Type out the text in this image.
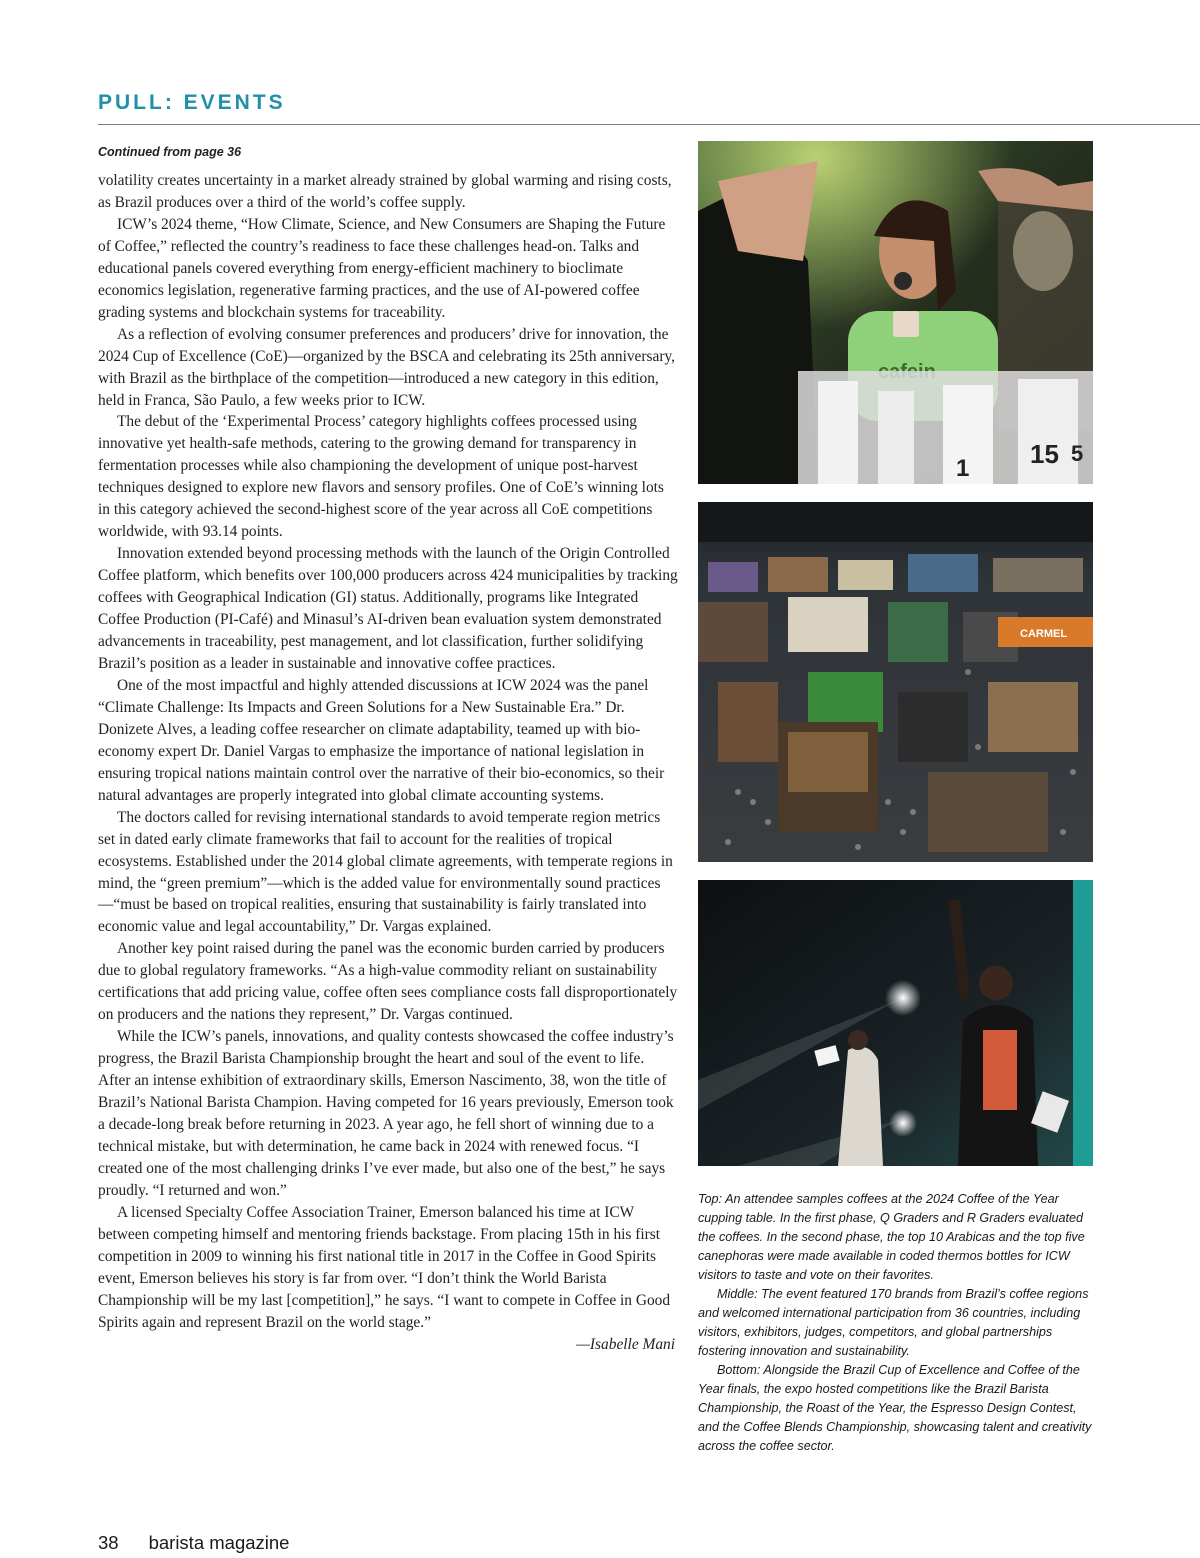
PULL: EVENTS
Continued from page 36

volatility creates uncertainty in a market already strained by global warming and rising costs, as Brazil produces over a third of the world’s coffee supply.

ICW’s 2024 theme, “How Climate, Science, and New Consumers are Shaping the Future of Coffee,” reflected the country’s readiness to face these challenges head-on. Talks and educational panels covered everything from energy-efficient machinery to bioclimate economics legislation, regenerative farming practices, and the use of AI-powered coffee grading systems and blockchain systems for traceability.

As a reflection of evolving consumer preferences and producers’ drive for innovation, the 2024 Cup of Excellence (CoE)—organized by the BSCA and celebrating its 25th anniversary, with Brazil as the birthplace of the competition—introduced a new category in this edition, held in Franca, São Paulo, a few weeks prior to ICW.

The debut of the ‘Experimental Process’ category highlights coffees processed using innovative yet health-safe methods, catering to the growing demand for transparency in fermentation processes while also championing the development of unique post-harvest techniques designed to explore new flavors and sensory profiles. One of CoE’s winning lots in this category achieved the second-highest score of the year across all CoE competitions worldwide, with 93.14 points.

Innovation extended beyond processing methods with the launch of the Origin Controlled Coffee platform, which benefits over 100,000 producers across 424 municipalities by tracking coffees with Geographical Indication (GI) status. Additionally, programs like Integrated Coffee Production (PI-Café) and Minasul’s AI-driven bean evaluation system demonstrated advancements in traceability, pest management, and lot classification, further solidifying Brazil’s position as a leader in sustainable and innovative coffee practices.

One of the most impactful and highly attended discussions at ICW 2024 was the panel “Climate Challenge: Its Impacts and Green Solutions for a New Sustainable Era.” Dr. Donizete Alves, a leading coffee researcher on climate adaptability, teamed up with bio-economy expert Dr. Daniel Vargas to emphasize the importance of national legislation in ensuring tropical nations maintain control over the narrative of their bio-economics, so their natural advantages are properly integrated into global climate accounting systems.

The doctors called for revising international standards to avoid temperate region metrics set in dated early climate frameworks that fail to account for the realities of tropical ecosystems. Established under the 2014 global climate agreements, with temperate regions in mind, the “green premium”—which is the added value for environmentally sound practices—“must be based on tropical realities, ensuring that sustainability is fairly translated into economic value and legal accountability,” Dr. Vargas explained.

Another key point raised during the panel was the economic burden carried by producers due to global regulatory frameworks. “As a high-value commodity reliant on sustainability certifications that add pricing value, coffee often sees compliance costs fall disproportionately on producers and the nations they represent,” Dr. Vargas continued.

While the ICW’s panels, innovations, and quality contests showcased the coffee industry’s progress, the Brazil Barista Championship brought the heart and soul of the event to life. After an intense exhibition of extraordinary skills, Emerson Nascimento, 38, won the title of Brazil’s National Barista Champion. Having competed for 16 years previously, Emerson took a decade-long break before returning in 2023. A year ago, he fell short of winning due to a technical mistake, but with determination, he came back in 2024 with renewed focus. “I created one of the most challenging drinks I’ve ever made, but also one of the best,” he says proudly. “I returned and won.”

A licensed Specialty Coffee Association Trainer, Emerson balanced his time at ICW between competing himself and mentoring friends backstage. From placing 15th in his first competition in 2009 to winning his first national title in 2017 in the Coffee in Good Spirits event, Emerson believes his story is far from over. “I don’t think the World Barista Championship will be my last [competition],” he says. “I want to compete in Coffee in Good Spirits again and represent Brazil on the world stage.”

—Isabelle Mani

1 15 5
CARMEL

Top: An attendee samples coffees at the 2024 Coffee of the Year cupping table. In the first phase, Q Graders and R Graders evaluated the coffees. In the second phase, the top 10 Arabicas and the top five canephoras were made available in coded thermos bottles for ICW visitors to taste and vote on their favorites.

Middle: The event featured 170 brands from Brazil’s coffee regions and welcomed international participation from 36 countries, including visitors, exhibitors, judges, competitors, and global partnerships fostering innovation and sustainability.

Bottom: Alongside the Brazil Cup of Excellence and Coffee of the Year finals, the expo hosted competitions like the Brazil Barista Championship, the Roast of the Year, the Espresso Design Contest, and the Coffee Blends Championship, showcasing talent and creativity across the coffee sector.

38 barista magazine
